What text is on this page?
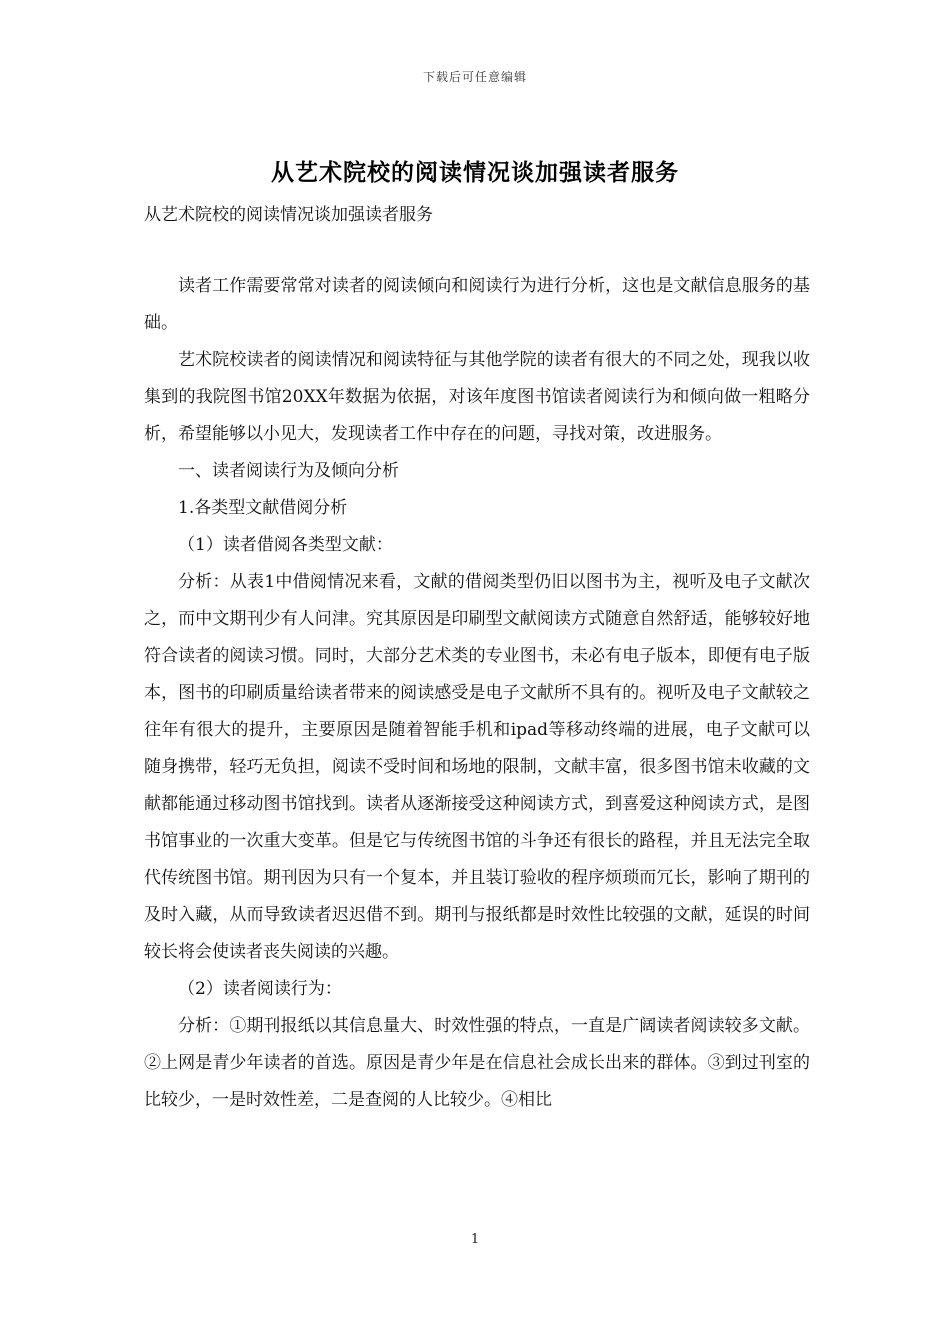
下载后可任意编辑
从艺术院校的阅读情况谈加强读者服务

从艺术院校的阅读情况谈加强读者服务

读者工作需要常常对读者的阅读倾向和阅读行为进行分析，这也是文献信息服务的基础。

艺术院校读者的阅读情况和阅读特征与其他学院的读者有很大的不同之处，现我以收集到的我院图书馆20XX年数据为依据，对该年度图书馆读者阅读行为和倾向做一粗略分析，希望能够以小见大，发现读者工作中存在的问题，寻找对策，改进服务。

一、读者阅读行为及倾向分析

1.各类型文献借阅分析

（1）读者借阅各类型文献：

分析：从表1中借阅情况来看，文献的借阅类型仍旧以图书为主，视听及电子文献次之，而中文期刊少有人问津。究其原因是印刷型文献阅读方式随意自然舒适，能够较好地符合读者的阅读习惯。同时，大部分艺术类的专业图书，未必有电子版本，即便有电子版本，图书的印刷质量给读者带来的阅读感受是电子文献所不具有的。视听及电子文献较之往年有很大的提升，主要原因是随着智能手机和ipad等移动终端的进展，电子文献可以随身携带，轻巧无负担，阅读不受时间和场地的限制，文献丰富，很多图书馆未收藏的文献都能通过移动图书馆找到。读者从逐渐接受这种阅读方式，到喜爱这种阅读方式，是图书馆事业的一次重大变革。但是它与传统图书馆的斗争还有很长的路程，并且无法完全取代传统图书馆。期刊因为只有一个复本，并且装订验收的程序烦琐而冗长，影响了期刊的及时入藏，从而导致读者迟迟借不到。期刊与报纸都是时效性比较强的文献，延误的时间较长将会使读者丧失阅读的兴趣。

（2）读者阅读行为：

分析：①期刊报纸以其信息量大、时效性强的特点，一直是广阔读者阅读较多文献。②上网是青少年读者的首选。原因是青少年是在信息社会成长出来的群体。③到过刊室的比较少，一是时效性差，二是查阅的人比较少。④相比

1
